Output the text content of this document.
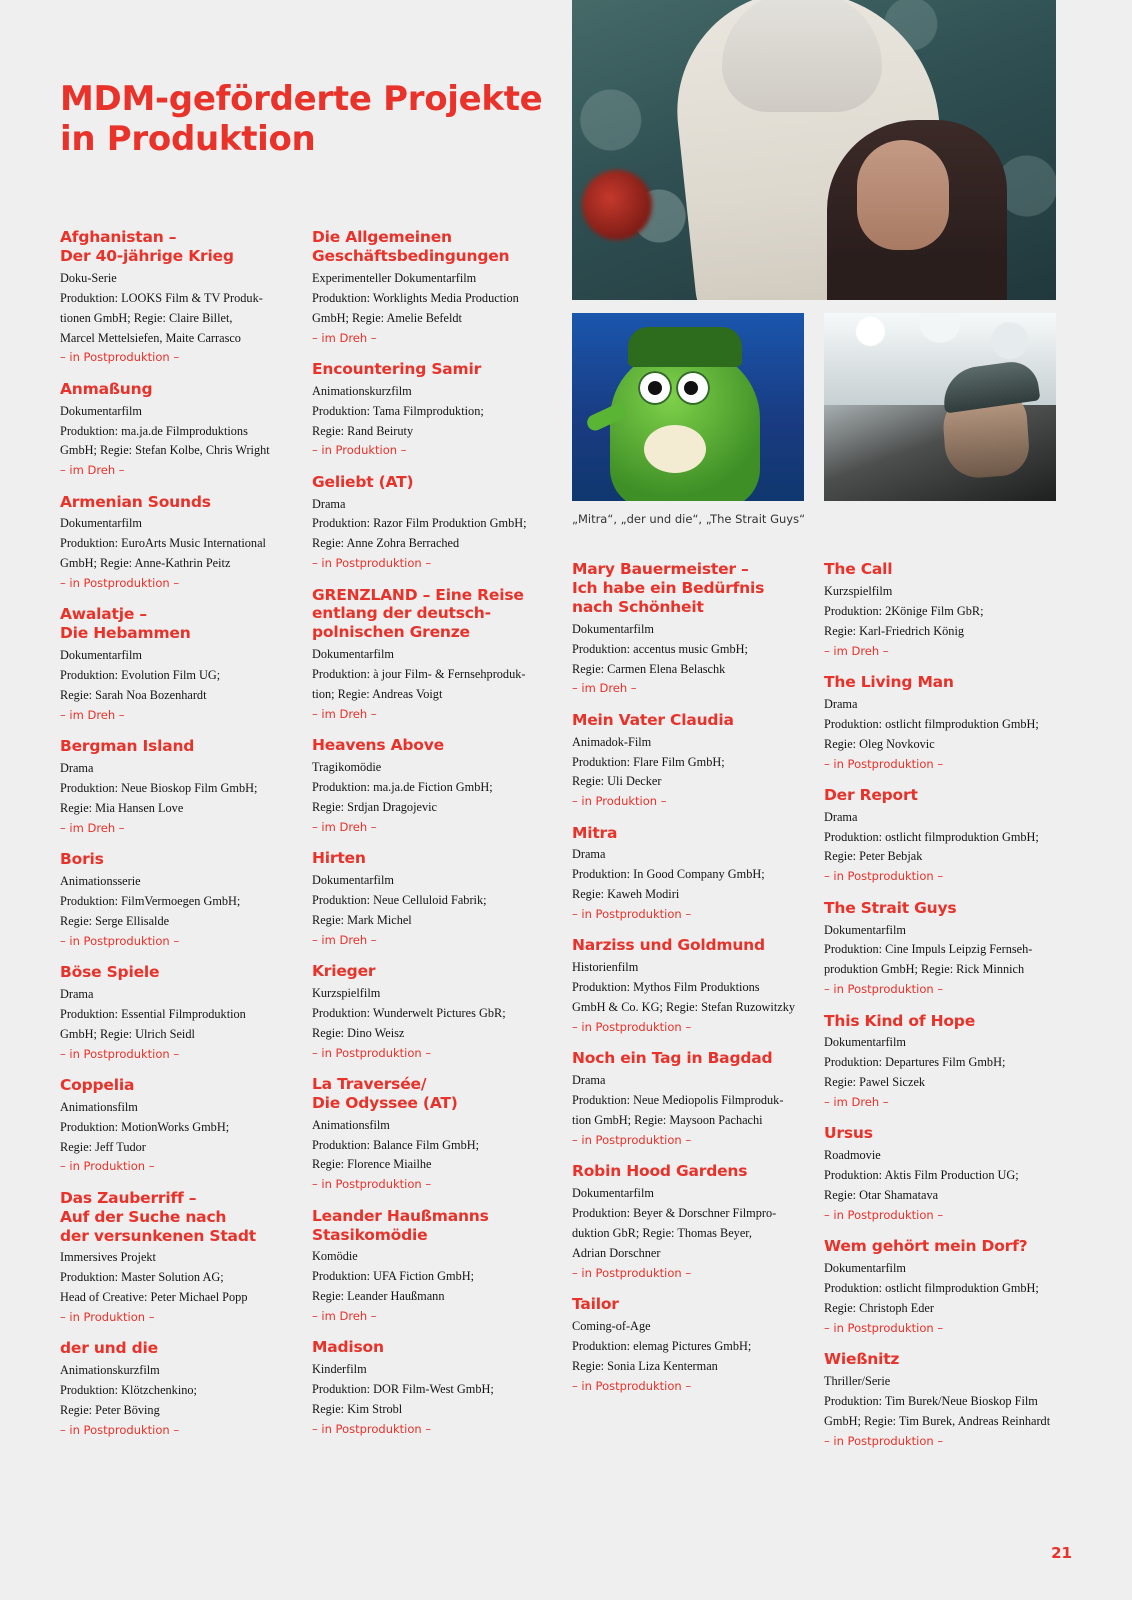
MDM-geförderte Projekte in Produktion
„Mitra“, „der und die“, „The Strait Guys“
Afghanistan –
Der 40-jährige Krieg
Doku-Serie
Produktion: LOOKS Film & TV Produk-
tionen GmbH; Regie: Claire Billet,
Marcel Mettelsiefen, Maite Carrasco
– in Postproduktion –
Anmaßung
Dokumentarfilm
Produktion: ma.ja.de Filmproduktions
GmbH; Regie: Stefan Kolbe, Chris Wright
– im Dreh –
Armenian Sounds
Dokumentarfilm
Produktion: EuroArts Music International
GmbH; Regie: Anne-Kathrin Peitz
– in Postproduktion –
Awalatje –
Die Hebammen
Dokumentarfilm
Produktion: Evolution Film UG;
Regie: Sarah Noa Bozenhardt
– im Dreh –
Bergman Island
Drama
Produktion: Neue Bioskop Film GmbH;
Regie: Mia Hansen Love
– im Dreh –
Boris
Animationsserie
Produktion: FilmVermoegen GmbH;
Regie: Serge Ellisalde
– in Postproduktion –
Böse Spiele
Drama
Produktion: Essential Filmproduktion
GmbH; Regie: Ulrich Seidl
– in Postproduktion –
Coppelia
Animationsfilm
Produktion: MotionWorks GmbH;
Regie: Jeff Tudor
– in Produktion –
Das Zauberriff –
Auf der Suche nach
der versunkenen Stadt
Immersives Projekt
Produktion: Master Solution AG;
Head of Creative: Peter Michael Popp
– in Produktion –
der und die
Animationskurzfilm
Produktion: Klötzchenkino;
Regie: Peter Böving
– in Postproduktion –
Die Allgemeinen
Geschäftsbedingungen
Experimenteller Dokumentarfilm
Produktion: Worklights Media Production
GmbH; Regie: Amelie Befeldt
– im Dreh –
Encountering Samir
Animationskurzfilm
Produktion: Tama Filmproduktion;
Regie: Rand Beiruty
– in Produktion –
Geliebt (AT)
Drama
Produktion: Razor Film Produktion GmbH;
Regie: Anne Zohra Berrached
– in Postproduktion –
GRENZLAND – Eine Reise
entlang der deutsch-
polnischen Grenze
Dokumentarfilm
Produktion: à jour Film- & Fernsehproduk-
tion; Regie: Andreas Voigt
– im Dreh –
Heavens Above
Tragikomödie
Produktion: ma.ja.de Fiction GmbH;
Regie: Srdjan Dragojevic
– im Dreh –
Hirten
Dokumentarfilm
Produktion: Neue Celluloid Fabrik;
Regie: Mark Michel
– im Dreh –
Krieger
Kurzspielfilm
Produktion: Wunderwelt Pictures GbR;
Regie: Dino Weisz
– in Postproduktion –
La Traversée/
Die Odyssee (AT)
Animationsfilm
Produktion: Balance Film GmbH;
Regie: Florence Miailhe
– in Postproduktion –
Leander Haußmanns
Stasikomödie
Komödie
Produktion: UFA Fiction GmbH;
Regie: Leander Haußmann
– im Dreh –
Madison
Kinderfilm
Produktion: DOR Film-West GmbH;
Regie: Kim Strobl
– in Postproduktion –
Mary Bauermeister –
Ich habe ein Bedürfnis
nach Schönheit
Dokumentarfilm
Produktion: accentus music GmbH;
Regie: Carmen Elena Belaschk
– im Dreh –
Mein Vater Claudia
Animadok-Film
Produktion: Flare Film GmbH;
Regie: Uli Decker
– in Produktion –
Mitra
Drama
Produktion: In Good Company GmbH;
Regie: Kaweh Modiri
– in Postproduktion –
Narziss und Goldmund
Historienfilm
Produktion: Mythos Film Produktions
GmbH & Co. KG; Regie: Stefan Ruzowitzky
– in Postproduktion –
Noch ein Tag in Bagdad
Drama
Produktion: Neue Mediopolis Filmproduk-
tion GmbH; Regie: Maysoon Pachachi
– in Postproduktion –
Robin Hood Gardens
Dokumentarfilm
Produktion: Beyer & Dorschner Filmpro-
duktion GbR; Regie: Thomas Beyer,
Adrian Dorschner
– in Postproduktion –
Tailor
Coming-of-Age
Produktion: elemag Pictures GmbH;
Regie: Sonia Liza Kenterman
– in Postproduktion –
The Call
Kurzspielfilm
Produktion: 2Könige Film GbR;
Regie: Karl-Friedrich König
– im Dreh –
The Living Man
Drama
Produktion: ostlicht filmproduktion GmbH;
Regie: Oleg Novkovic
– in Postproduktion –
Der Report
Drama
Produktion: ostlicht filmproduktion GmbH;
Regie: Peter Bebjak
– in Postproduktion –
The Strait Guys
Dokumentarfilm
Produktion: Cine Impuls Leipzig Fernseh-
produktion GmbH; Regie: Rick Minnich
– in Postproduktion –
This Kind of Hope
Dokumentarfilm
Produktion: Departures Film GmbH;
Regie: Pawel Siczek
– im Dreh –
Ursus
Roadmovie
Produktion: Aktis Film Production UG;
Regie: Otar Shamatava
– in Postproduktion –
Wem gehört mein Dorf?
Dokumentarfilm
Produktion: ostlicht filmproduktion GmbH;
Regie: Christoph Eder
– in Postproduktion –
Wießnitz
Thriller/Serie
Produktion: Tim Burek/Neue Bioskop Film
GmbH; Regie: Tim Burek, Andreas Reinhardt
– in Postproduktion –
21
